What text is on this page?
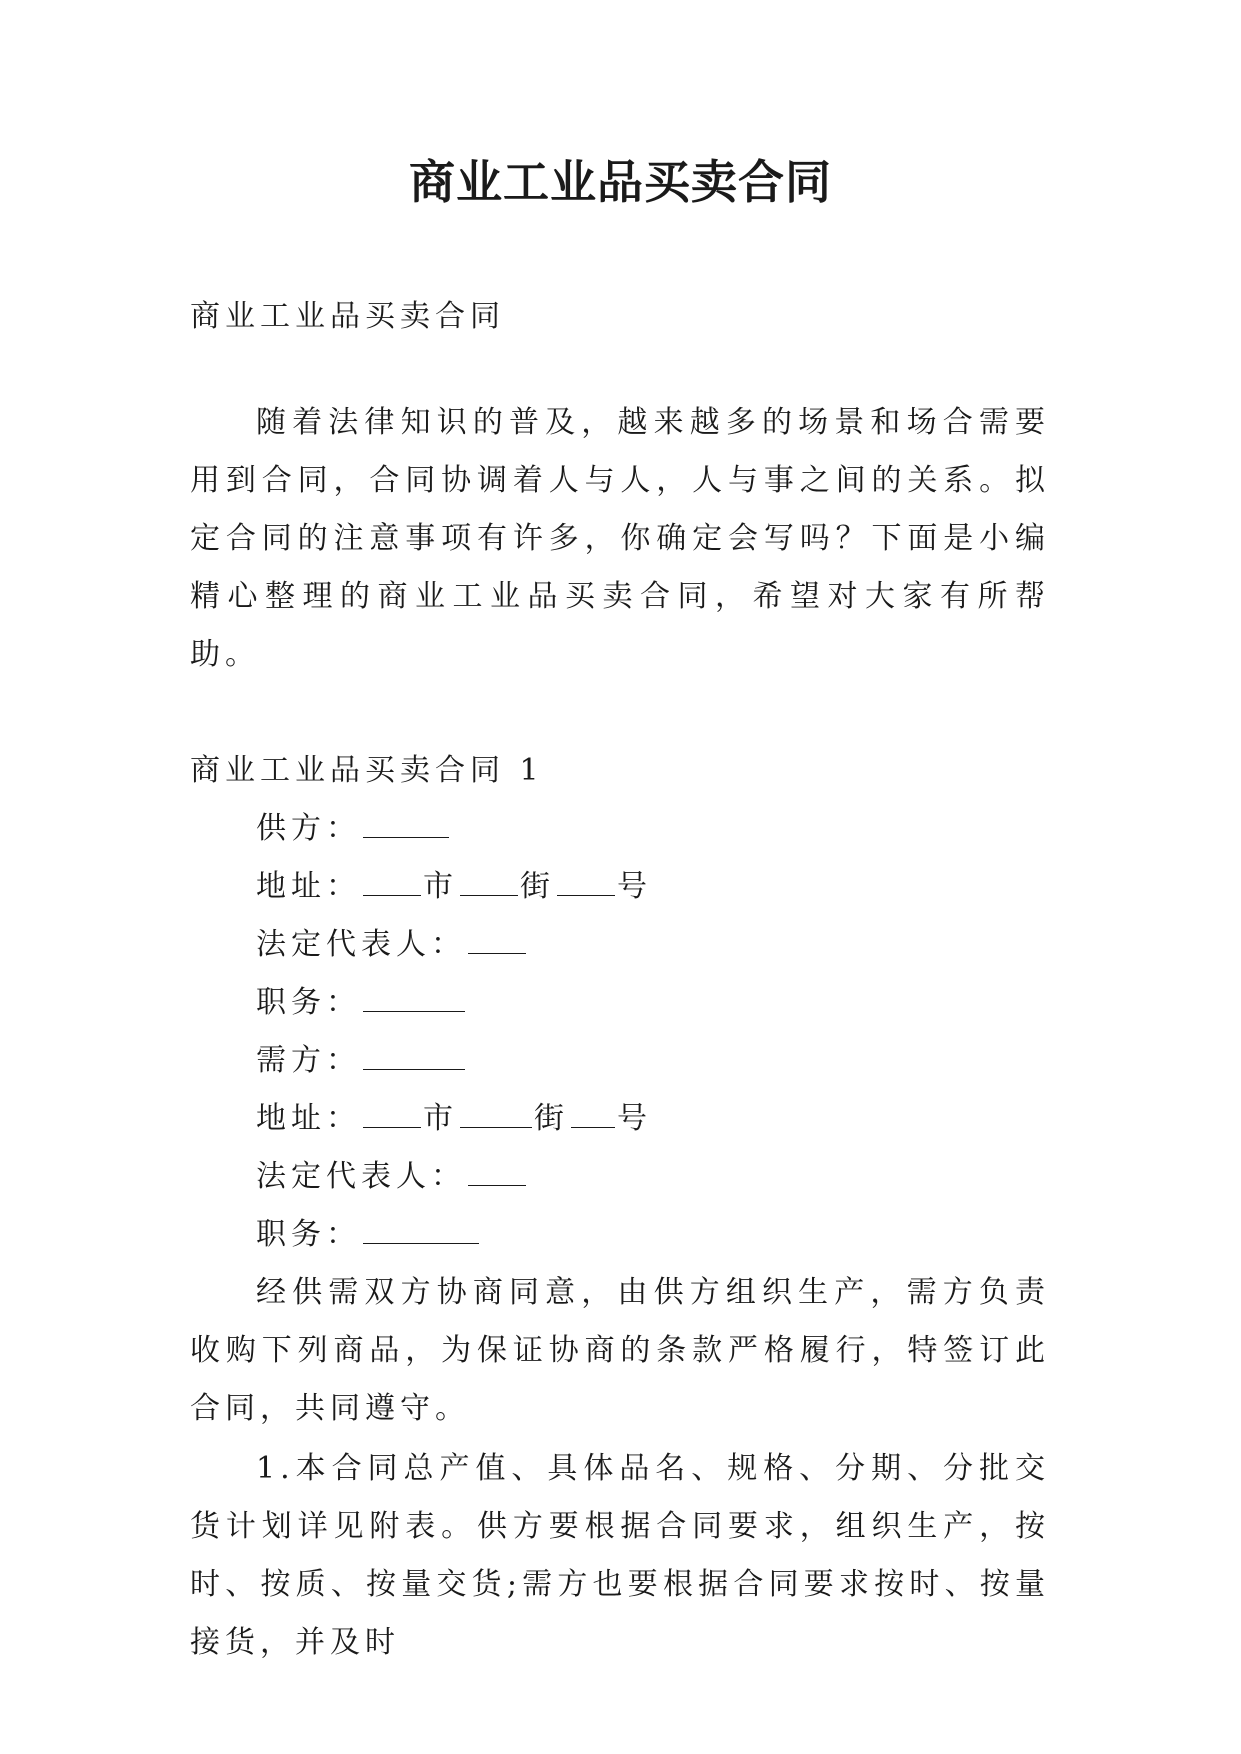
商业工业品买卖合同

商业工业品买卖合同

随着法律知识的普及，越来越多的场景和场合需要用到合同，合同协调着人与人，人与事之间的关系。拟定合同的注意事项有许多，你确定会写吗？下面是小编精心整理的商业工业品买卖合同，希望对大家有所帮助。

商业工业品买卖合同 1

供方：

地址： 市 街 号

法定代表人：

职务：

需方：

地址： 市	街 号

法定代表人：

职务：

经供需双方协商同意，由供方组织生产，需方负责收购下列商品，为保证协商的条款严格履行，特签订此合同，共同遵守。

1.本合同总产值、具体品名、规格、分期、分批交货计划详见附表。供方要根据合同要求，组织生产，按时、按质、按量交货;需方也要根据合同要求按时、按量接货，并及时
